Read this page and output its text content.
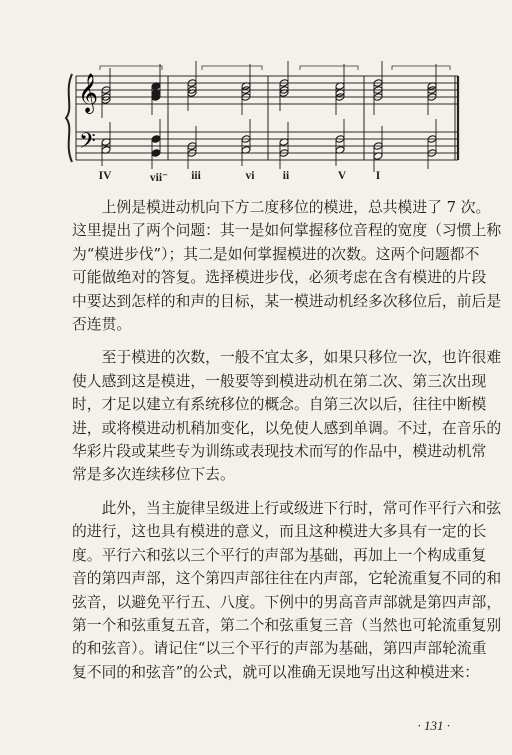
𝄞
𝄢
IV	vii⁻ iii	vi ii	V	I

　　上例是模进动机向下方二度移位的模进，总共模进了 7 次。
这里提出了两个问题：其一是如何掌握移位音程的宽度（习惯上称
为“模进步伐”）；其二是如何掌握模进的次数。这两个问题都不
可能做绝对的答复。选择模进步伐，必须考虑在含有模进的片段
中要达到怎样的和声的目标，某一模进动机经多次移位后，前后是
否连贯。

　　至于模进的次数，一般不宜太多，如果只移位一次，也许很难
使人感到这是模进，一般要等到模进动机在第二次、第三次出现
时，才足以建立有系统移位的概念。自第三次以后，往往中断模
进，或将模进动机稍加变化，以免使人感到单调。不过，在音乐的
华彩片段或某些专为训练或表现技术而写的作品中，模进动机常
常是多次连续移位下去。

　　此外，当主旋律呈级进上行或级进下行时，常可作平行六和弦
的进行，这也具有模进的意义，而且这种模进大多具有一定的长
度。平行六和弦以三个平行的声部为基础，再加上一个构成重复
音的第四声部，这个第四声部往往在内声部，它轮流重复不同的和
弦音，以避免平行五、八度。下例中的男高音声部就是第四声部，
第一个和弦重复五音，第二个和弦重复三音（当然也可轮流重复别
的和弦音）。请记住“以三个平行的声部为基础，第四声部轮流重
复不同的和弦音”的公式，就可以准确无误地写出这种模进来：

· 131 ·
